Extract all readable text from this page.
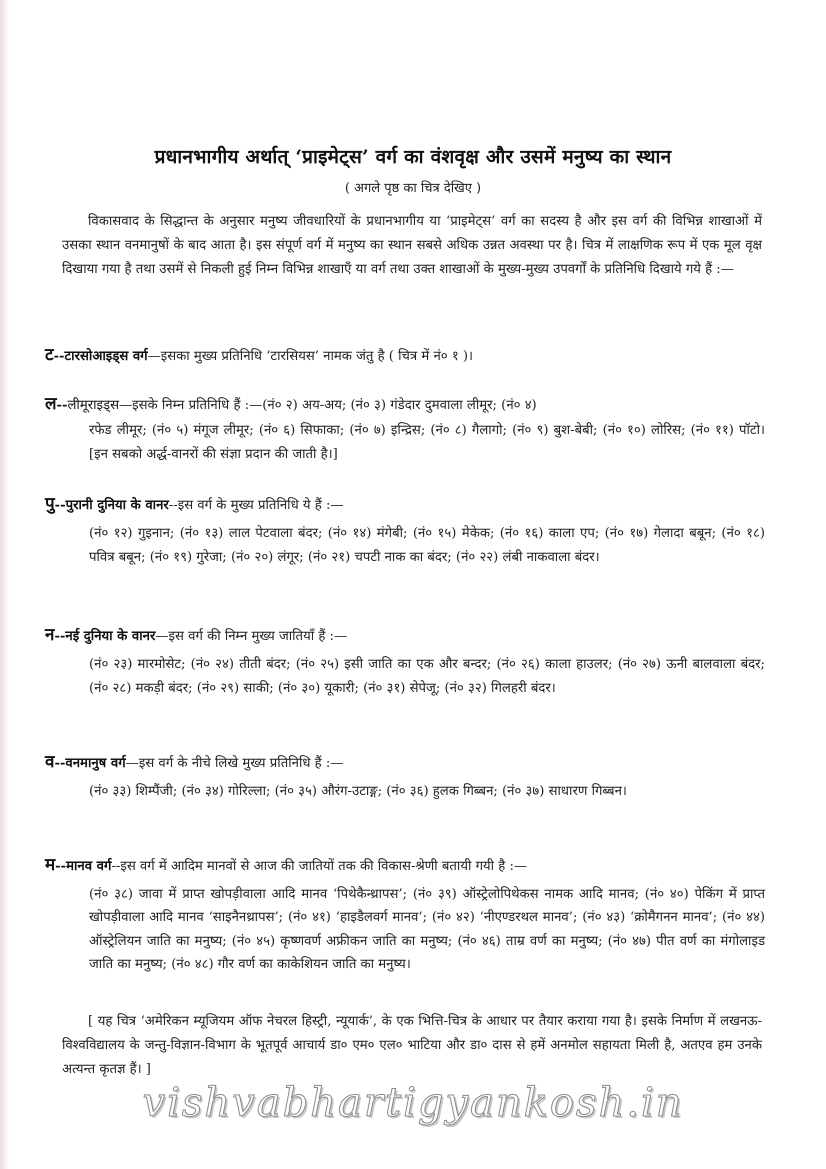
प्रधानभागीय अर्थात् ‘प्राइमेट्स’ वर्ग का वंशवृक्ष और उसमें मनुष्य का स्थान
( अगले पृष्ठ का चित्र देखिए )

विकासवाद के सिद्धान्त के अनुसार मनुष्य जीवधारियों के प्रधानभागीय या ‘प्राइमेट्स’ वर्ग का सदस्य है और इस वर्ग की विभिन्न शाखाओं में उसका स्थान वनमानुषों के बाद आता है। इस संपूर्ण वर्ग में मनुष्य का स्थान सबसे अधिक उन्नत अवस्था पर है। चित्र में लाक्षणिक रूप में एक मूल वृक्ष दिखाया गया है तथा उसमें से निकली हुई निम्न विभिन्न शाखाएँ या वर्ग तथा उक्त शाखाओं के मुख्य-मुख्य उपवर्गों के प्रतिनिधि दिखाये गये हैं :—

ट--टारसोआइड्स वर्ग—इसका मुख्य प्रतिनिधि ‘टारसियस’ नामक जंतु है ( चित्र में नं० १ )।
ल--लीमूराइड्स—इसके निम्न प्रतिनिधि हैं :—(नं० २) अय-अय; (नं० ३) गंडेदार दुमवाला लीमूर; (नं० ४)
रफेड लीमूर; (नं० ५) मंगूज लीमूर; (नं० ६) सिफाका; (नं० ७) इन्द्रिस; (नं० ८) गैलागो; (नं० ९) बुश-बेबी; (नं० १०) लोरिस; (नं० ११) पॉटो। [इन सबको अर्द्ध-वानरों की संज्ञा प्रदान की जाती है।]
पु--पुरानी दुनिया के वानर--इस वर्ग के मुख्य प्रतिनिधि ये हैं :—
(नं० १२) गुइनान; (नं० १३) लाल पेटवाला बंदर; (नं० १४) मंगेबी; (नं० १५) मेकेक; (नं० १६) काला एप; (नं० १७) गेलादा बबून; (नं० १८) पवित्र बबून; (नं० १९) गुरेजा; (नं० २०) लंगूर; (नं० २१) चपटी नाक का बंदर; (नं० २२) लंबी नाकवाला बंदर।
न--नई दुनिया के वानर—इस वर्ग की निम्न मुख्य जातियाँ हैं :—
(नं० २३) मारमोसेट; (नं० २४) तीती बंदर; (नं० २५) इसी जाति का एक और बन्दर; (नं० २६) काला हाउलर; (नं० २७) ऊनी बालवाला बंदर; (नं० २८) मकड़ी बंदर; (नं० २९) साकी; (नं० ३०) यूकारी; (नं० ३१) सेपेजू; (नं० ३२) गिलहरी बंदर।
व--वनमानुष वर्ग—इस वर्ग के नीचे लिखे मुख्य प्रतिनिधि हैं :—
(नं० ३३) शिम्पैंजी; (नं० ३४) गोरिल्ला; (नं० ३५) औरंग-उटाङ्ग; (नं० ३६) हुलक गिब्बन; (नं० ३७) साधारण गिब्बन।
म--मानव वर्ग--इस वर्ग में आदिम मानवों से आज की जातियों तक की विकास-श्रेणी बतायी गयी है :—
(नं० ३८) जावा में प्राप्त खोपड़ीवाला आदि मानव ‘पिथेकैन्थ्रापस’; (नं० ३९) ऑस्ट्रेलोपिथेकस नामक आदि मानव; (नं० ४०) पेकिंग में प्राप्त खोपड़ीवाला आदि मानव ‘साइनैनथ्रापस’; (नं० ४१) ‘हाइडैलवर्ग मानव’; (नं० ४२) ‘नीएण्डरथल मानव’; (नं० ४३) ‘क्रोमैगनन मानव’; (नं० ४४) ऑस्ट्रेलियन जाति का मनुष्य; (नं० ४५) कृष्णवर्ण अफ्रीकन जाति का मनुष्य; (नं० ४६) ताम्र वर्ण का मनुष्य; (नं० ४७) पीत वर्ण का मंगोलाइड जाति का मनुष्य; (नं० ४८) गौर वर्ण का काकेशियन जाति का मनुष्य।

[ यह चित्र ‘अमेरिकन म्यूजियम ऑफ नेचरल हिस्ट्री, न्यूयार्क’, के एक भित्ति-चित्र के आधार पर तैयार कराया गया है। इसके निर्माण में लखनऊ-विश्वविद्यालय के जन्तु-विज्ञान-विभाग के भूतपूर्व आचार्य डा० एम० एल० भाटिया और डा० दास से हमें अनमोल सहायता मिली है, अतएव हम उनके अत्यन्त कृतज्ञ हैं। ]

vishvabhartigyankosh.in
